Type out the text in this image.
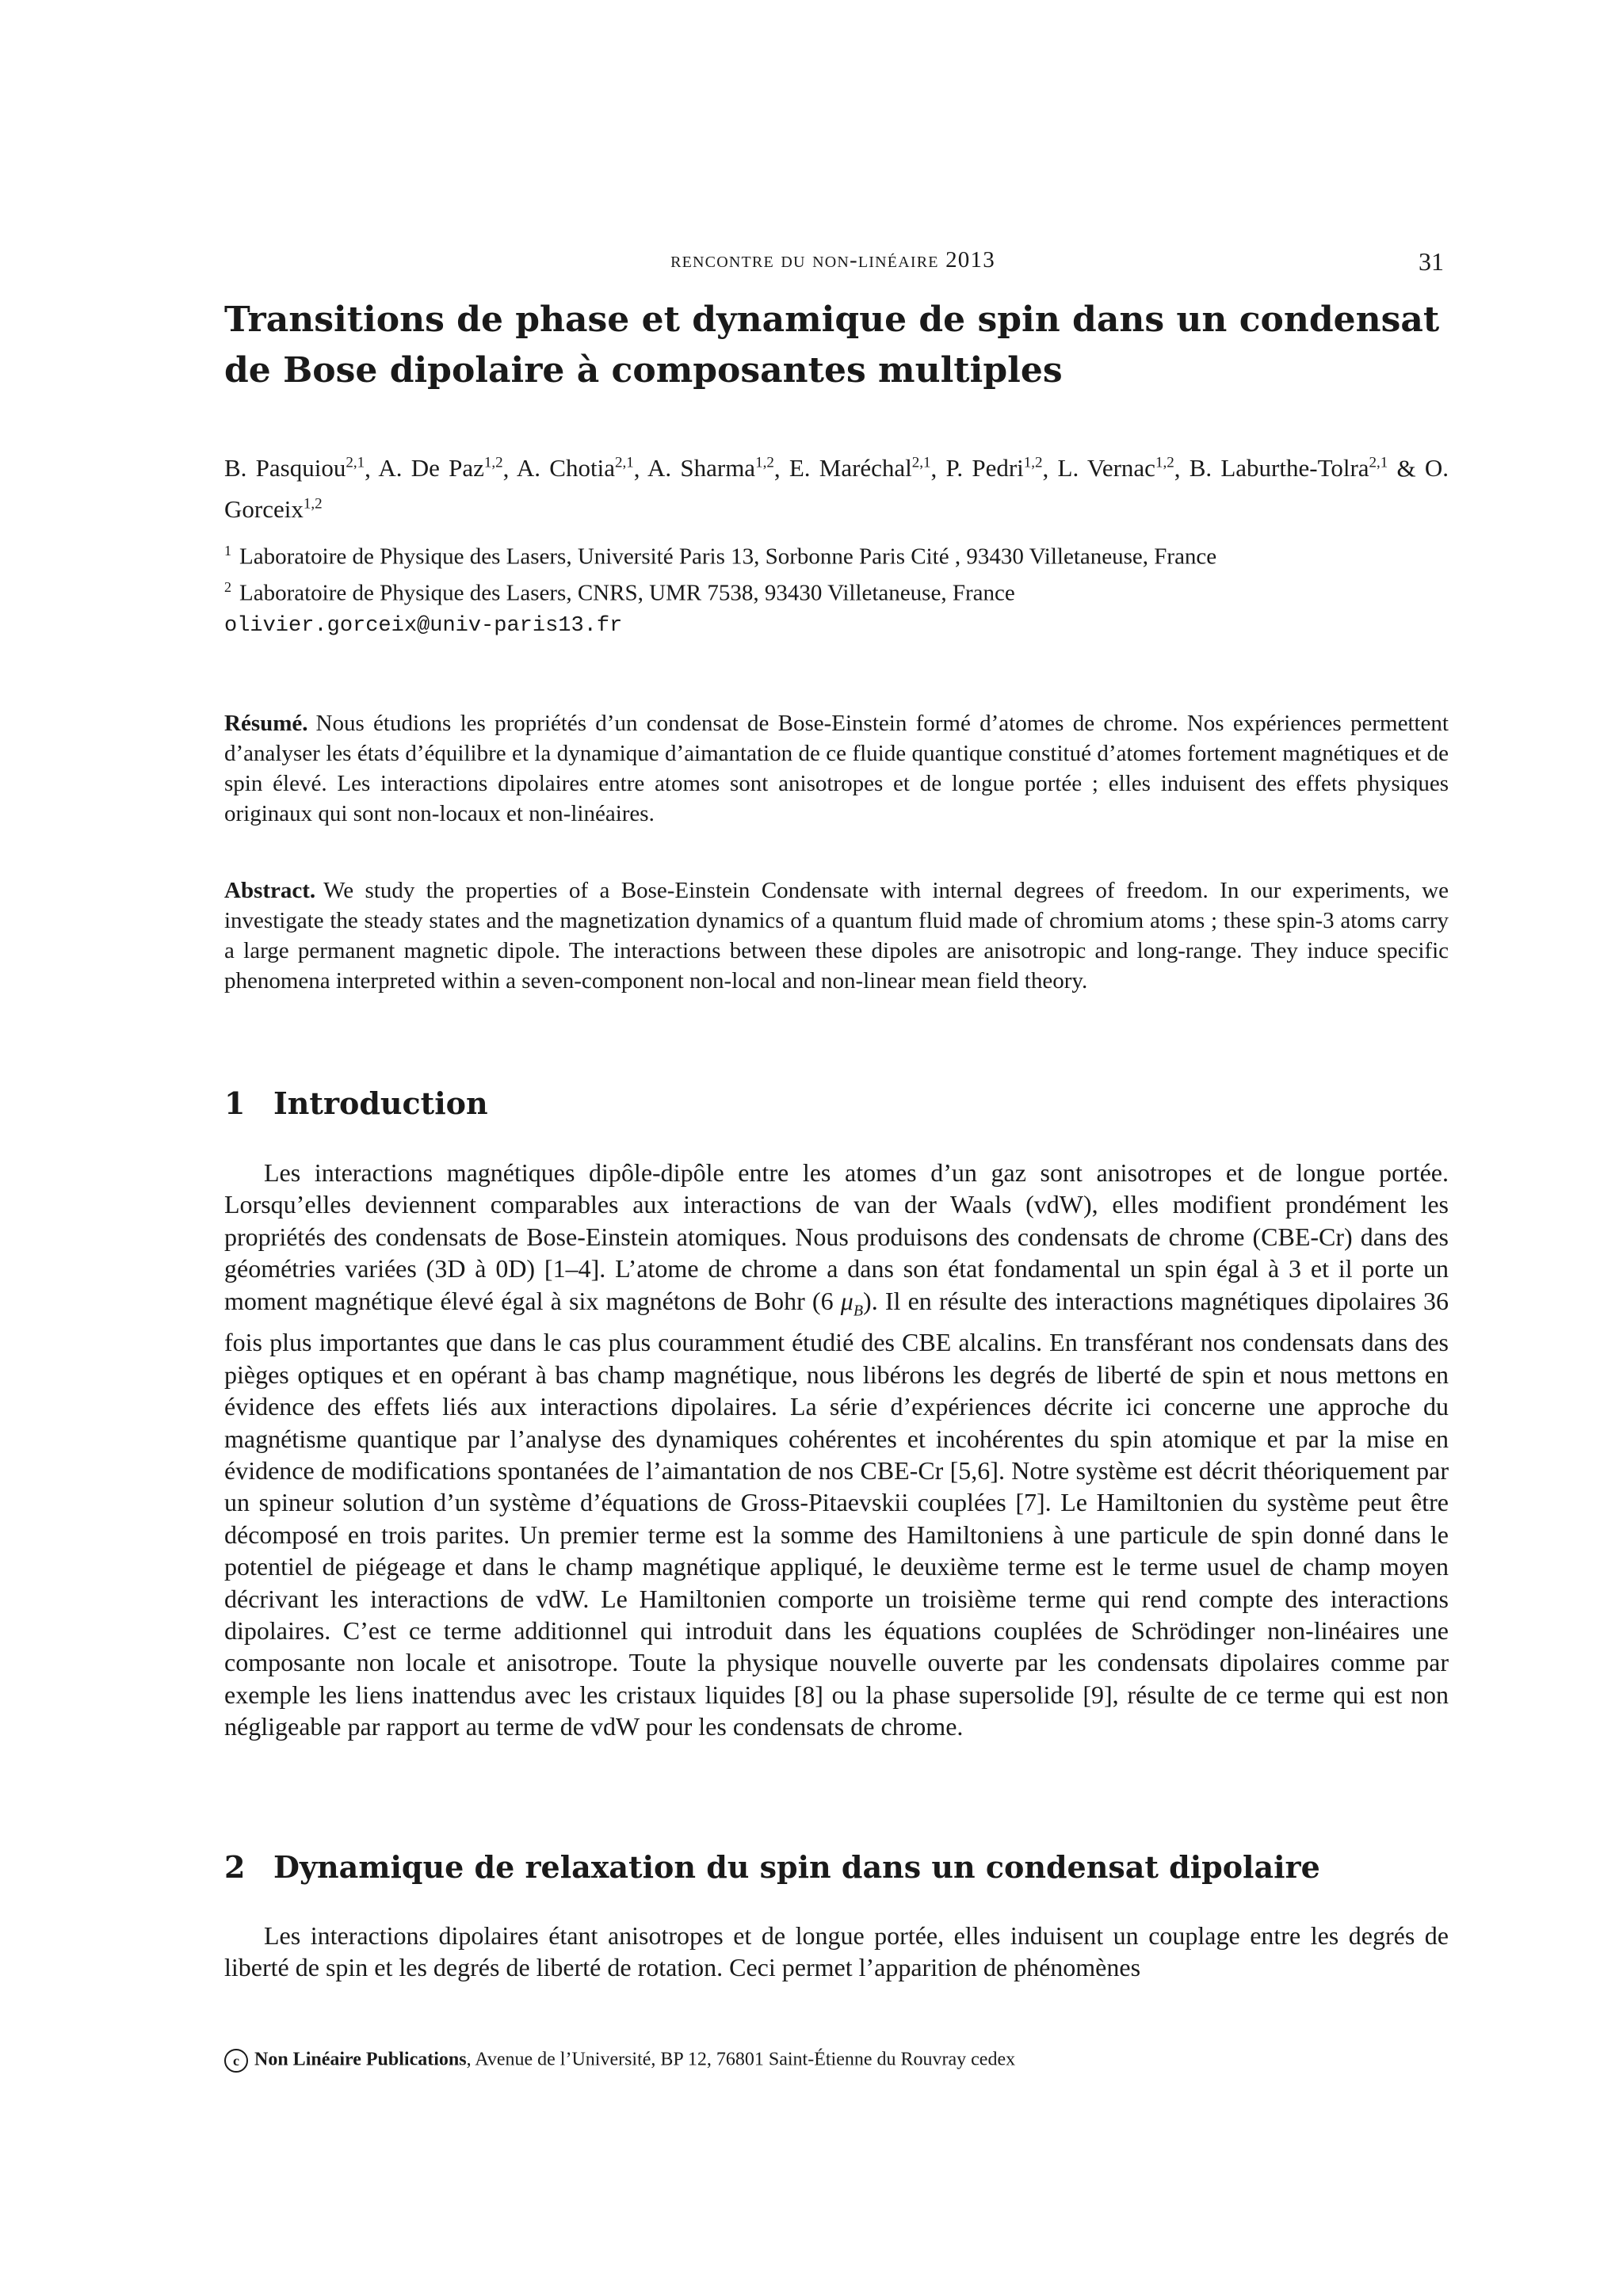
rencontre du non-linéaire 2013	31
Transitions de phase et dynamique de spin dans un condensat de Bose dipolaire à composantes multiples
B. Pasquiou$^{2,1}$, A. De Paz$^{1,2}$, A. Chotia$^{2,1}$, A. Sharma$^{1,2}$, E. Maréchal$^{2,1}$, P. Pedri$^{1,2}$, L. Vernac$^{1,2}$, B. Laburthe-Tolra$^{2,1}$ & O. Gorceix$^{1,2}$
$^1$ Laboratoire de Physique des Lasers, Université Paris 13, Sorbonne Paris Cité , 93430 Villetaneuse, France
$^2$ Laboratoire de Physique des Lasers, CNRS, UMR 7538, 93430 Villetaneuse, France
olivier.gorceix@univ-paris13.fr
Résumé. Nous étudions les propriétés d’un condensat de Bose-Einstein formé d’atomes de chrome. Nos expériences permettent d’analyser les états d’équilibre et la dynamique d’aimantation de ce fluide quantique constitué d’atomes fortement magnétiques et de spin élevé. Les interactions dipolaires entre atomes sont anisotropes et de longue portée ; elles induisent des effets physiques originaux qui sont non-locaux et non-linéaires.
Abstract. We study the properties of a Bose-Einstein Condensate with internal degrees of freedom. In our experiments, we investigate the steady states and the magnetization dynamics of a quantum fluid made of chromium atoms ; these spin-3 atoms carry a large permanent magnetic dipole. The interactions between these dipoles are anisotropic and long-range. They induce specific phenomena interpreted within a seven-component non-local and non-linear mean field theory.
1 Introduction

Les interactions magnétiques dipôle-dipôle entre les atomes d’un gaz sont anisotropes et de longue portée. Lorsqu’elles deviennent comparables aux interactions de van der Waals (vdW), elles modifient prondément les propriétés des condensats de Bose-Einstein atomiques. Nous produisons des condensats de chrome (CBE-Cr) dans des géométries variées (3D à 0D) [1–4]. L’atome de chrome a dans son état fondamental un spin égal à 3 et il porte un moment magnétique élevé égal à six magnétons de Bohr (6 $\mu_B$). Il en résulte des interactions magnétiques dipolaires 36 fois plus importantes que dans le cas plus couramment étudié des CBE alcalins. En transférant nos condensats dans des pièges optiques et en opérant à bas champ magnétique, nous libérons les degrés de liberté de spin et nous mettons en évidence des effets liés aux interactions dipolaires. La série d’expériences décrite ici concerne une approche du magnétisme quantique par l’analyse des dynamiques cohérentes et incohérentes du spin atomique et par la mise en évidence de modifications spontanées de l’aimantation de nos CBE-Cr [5,6]. Notre système est décrit théoriquement par un spineur solution d’un système d’équations de Gross-Pitaevskii couplées [7]. Le Hamiltonien du système peut être décomposé en trois parites. Un premier terme est la somme des Hamiltoniens à une particule de spin donné dans le potentiel de piégeage et dans le champ magnétique appliqué, le deuxième terme est le terme usuel de champ moyen décrivant les interactions de vdW. Le Hamiltonien comporte un troisième terme qui rend compte des interactions dipolaires. C’est ce terme additionnel qui introduit dans les équations couplées de Schrödinger non-linéaires une composante non locale et anisotrope. Toute la physique nouvelle ouverte par les condensats dipolaires comme par exemple les liens inattendus avec les cristaux liquides [8] ou la phase supersolide [9], résulte de ce terme qui est non négligeable par rapport au terme de vdW pour les condensats de chrome.

2 Dynamique de relaxation du spin dans un condensat dipolaire

Les interactions dipolaires étant anisotropes et de longue portée, elles induisent un couplage entre les degrés de liberté de spin et les degrés de liberté de rotation. Ceci permet l’apparition de phénomènes

c Non Linéaire Publications, Avenue de l’Université, BP 12, 76801 Saint-Étienne du Rouvray cedex
